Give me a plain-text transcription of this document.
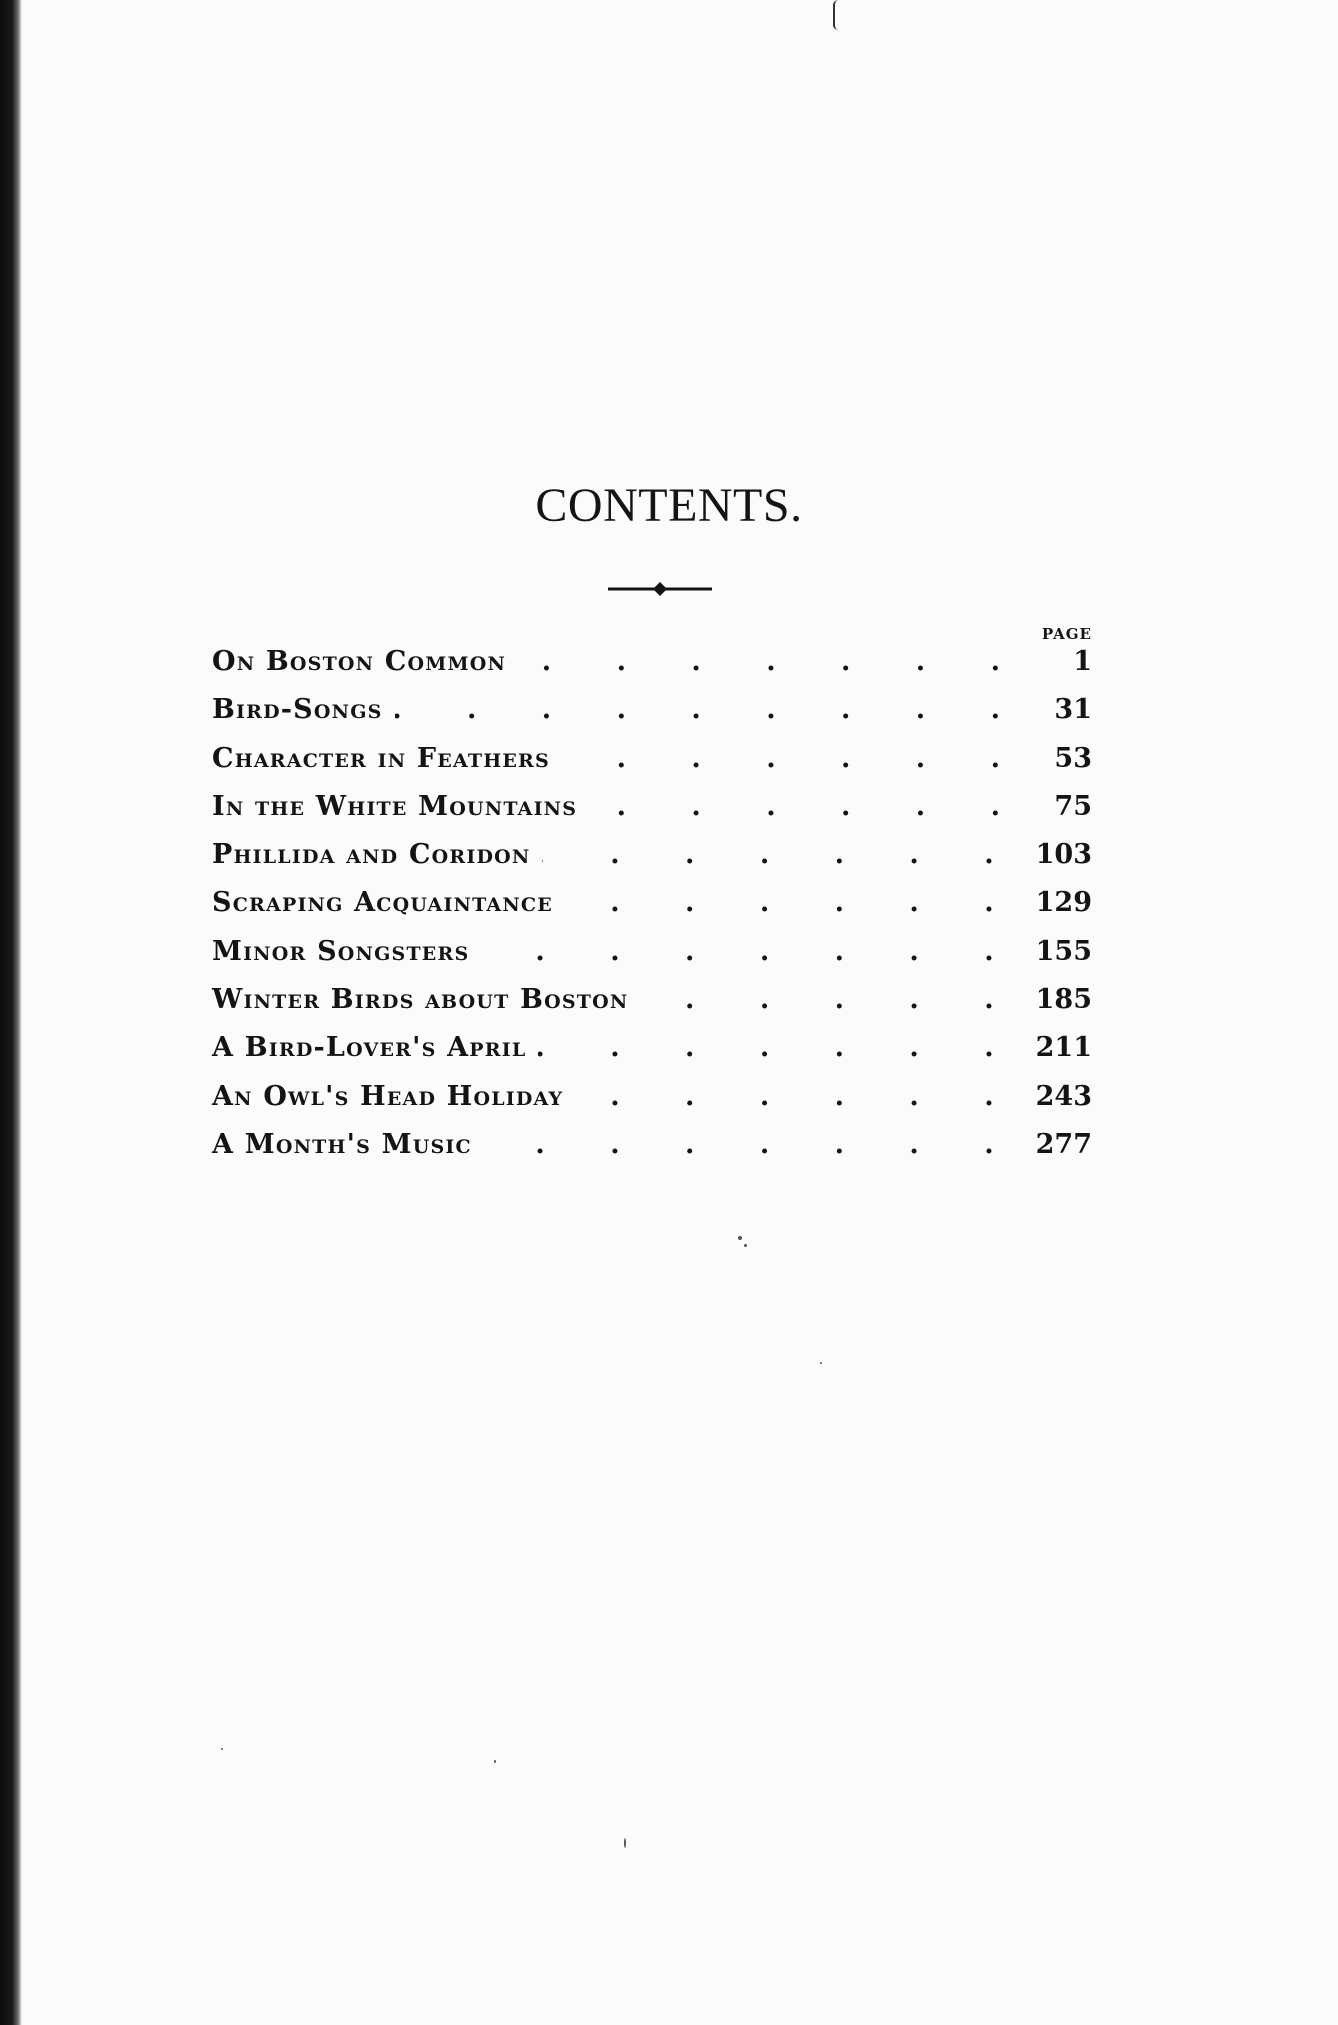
CONTENTS.
PAGE
On Boston Common . . .	1
Bird-Songs . . .	31
Character in Feathers . . .	53
In the White Mountains . . .	75
Phillida and Coridon . . .	103
Scraping Acquaintance . . .	129
Minor Songsters . . .	155
Winter Birds about Boston . . .	185
A Bird-Lover's April . . .	211
An Owl's Head Holiday . . .	243
A Month's Music . . .	277
